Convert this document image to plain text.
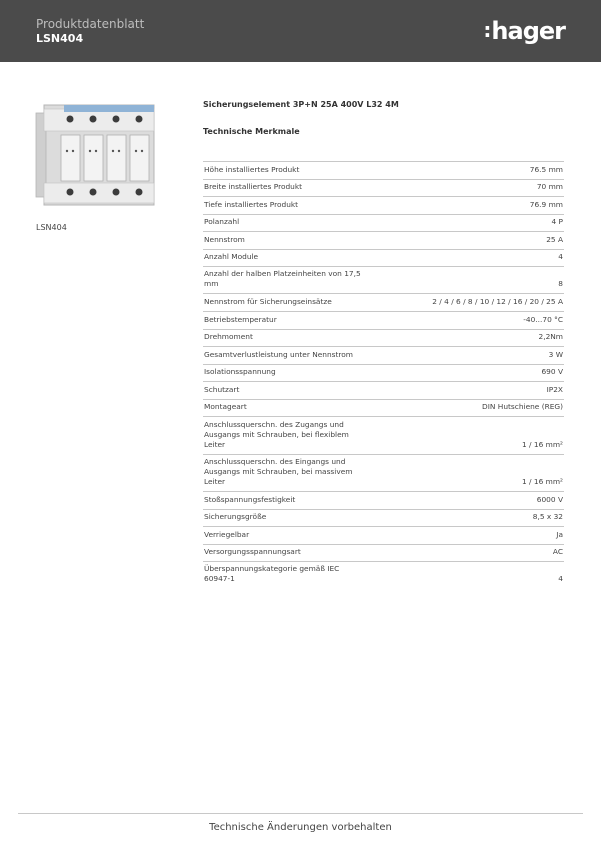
Produktdatenblatt
LSN404	:hager
LSN404
Sicherungselement 3P+N 25A 400V L32 4M
Technische Merkmale
Höhe installiertes Produkt	76.5 mm
Breite installiertes Produkt	70 mm
Tiefe installiertes Produkt	76.9 mm
Polanzahl	4 P
Nennstrom	25 A
Anzahl Module	4
Anzahl der halben Platzeinheiten von 17,5 mm	8
Nennstrom für Sicherungseinsätze	2 / 4 / 6 / 8 / 10 / 12 / 16 / 20 / 25 A
Betriebstemperatur	-40...70 °C
Drehmoment	2,2Nm
Gesamtverlustleistung unter Nennstrom	3 W
Isolationsspannung	690 V
Schutzart	IP2X
Montageart	DIN Hutschiene (REG)
Anschlussquerschn. des Zugangs und Ausgangs mit Schrauben, bei flexiblem Leiter	1 / 16 mm²
Anschlussquerschn. des Eingangs und Ausgangs mit Schrauben, bei massivem Leiter	1 / 16 mm²
Stoßspannungsfestigkeit	6000 V
Sicherungsgröße	8,5 x 32
Verriegelbar	Ja
Versorgungsspannungsart	AC
Überspannungskategorie gemäß IEC 60947-1	4
Technische Änderungen vorbehalten
